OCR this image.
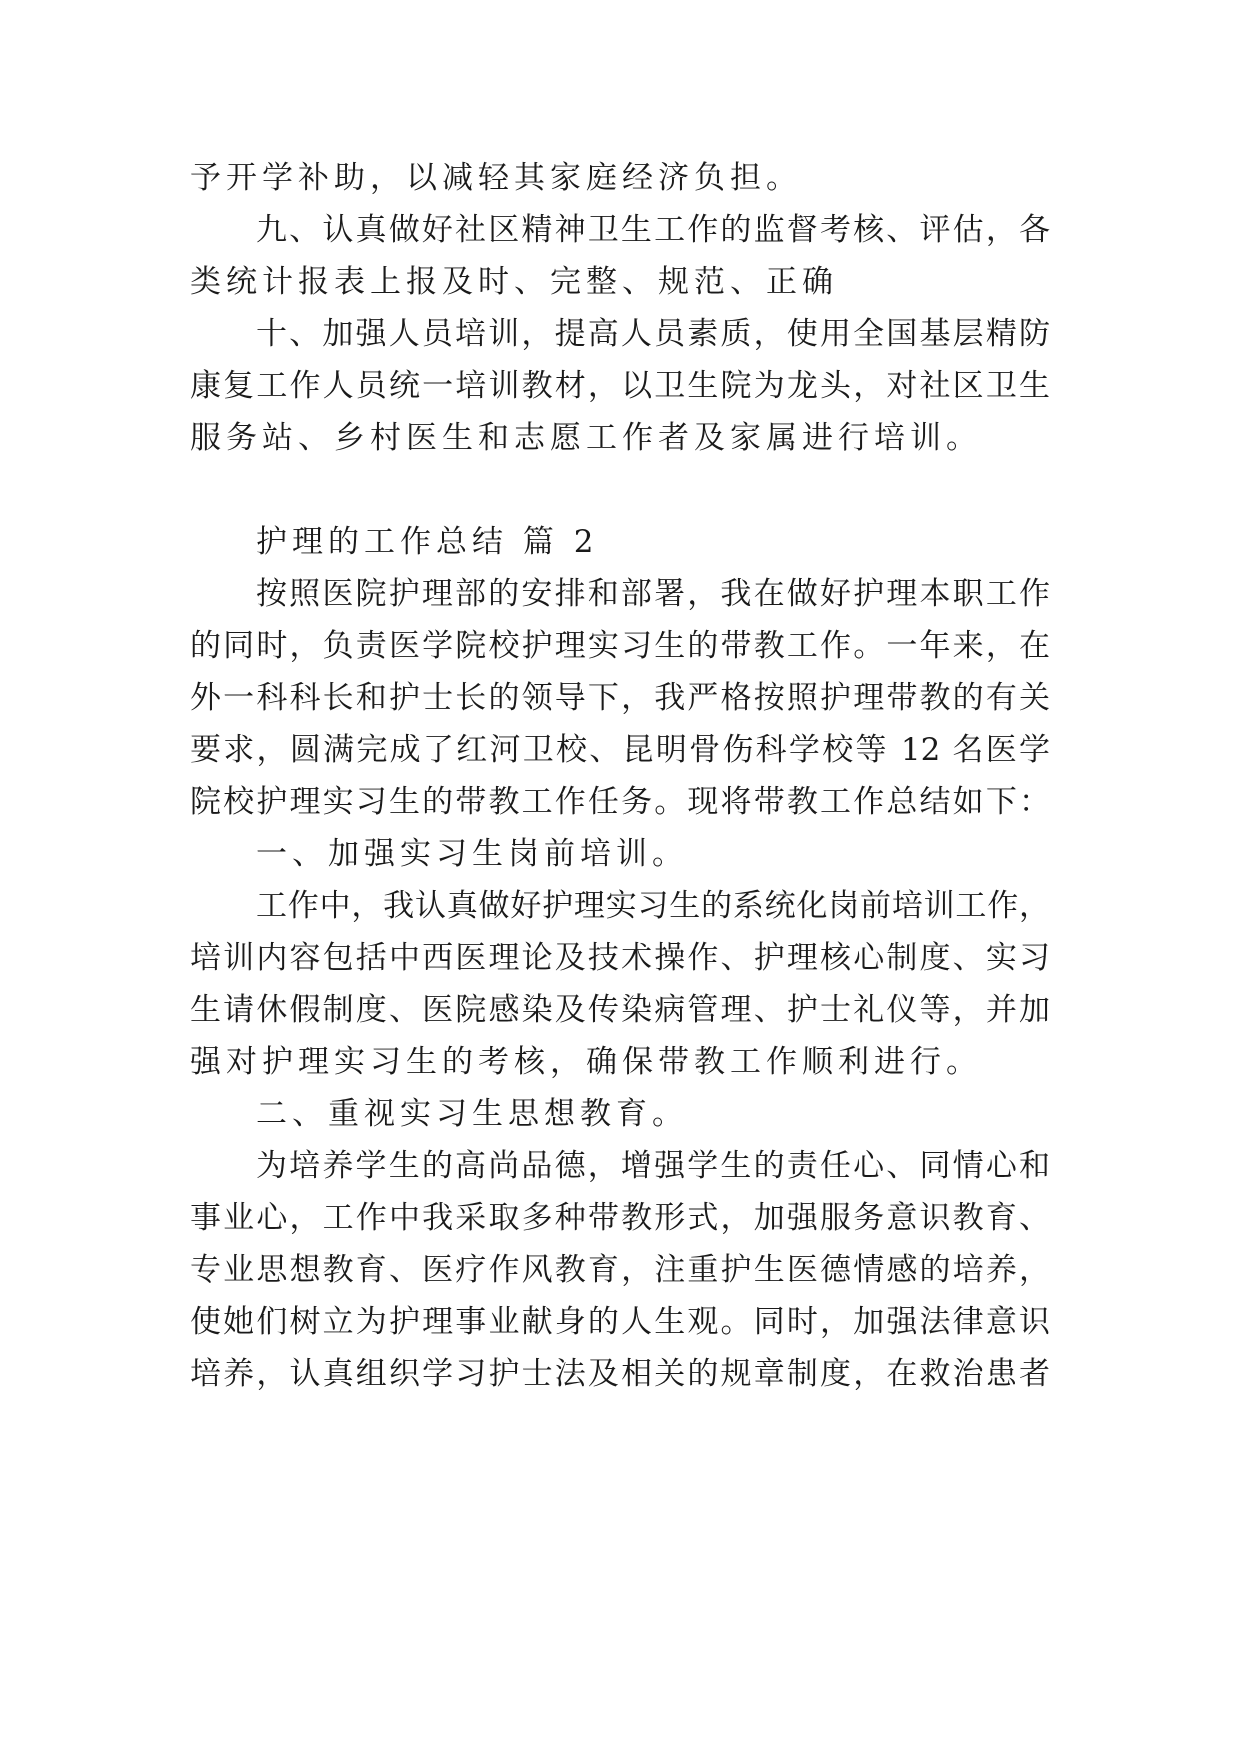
予开学补助，以减轻其家庭经济负担。
九、认真做好社区精神卫生工作的监督考核、评估，各
类统计报表上报及时、完整、规范、正确
十、加强人员培训，提高人员素质，使用全国基层精防
康复工作人员统一培训教材，以卫生院为龙头，对社区卫生
服务站、乡村医生和志愿工作者及家属进行培训。
护理的工作总结 篇 2
按照医院护理部的安排和部署，我在做好护理本职工作
的同时，负责医学院校护理实习生的带教工作。一年来，在
外一科科长和护士长的领导下，我严格按照护理带教的有关
要求，圆满完成了红河卫校、昆明骨伤科学校等 12 名医学
院校护理实习生的带教工作任务。现将带教工作总结如下：
一、加强实习生岗前培训。
工作中，我认真做好护理实习生的系统化岗前培训工作，
培训内容包括中西医理论及技术操作、护理核心制度、实习
生请休假制度、医院感染及传染病管理、护士礼仪等，并加
强对护理实习生的考核，确保带教工作顺利进行。
二、重视实习生思想教育。
为培养学生的高尚品德，增强学生的责任心、同情心和
事业心，工作中我采取多种带教形式，加强服务意识教育、
专业思想教育、医疗作风教育，注重护生医德情感的培养，
使她们树立为护理事业献身的人生观。同时，加强法律意识
培养，认真组织学习护士法及相关的规章制度，在救治患者
